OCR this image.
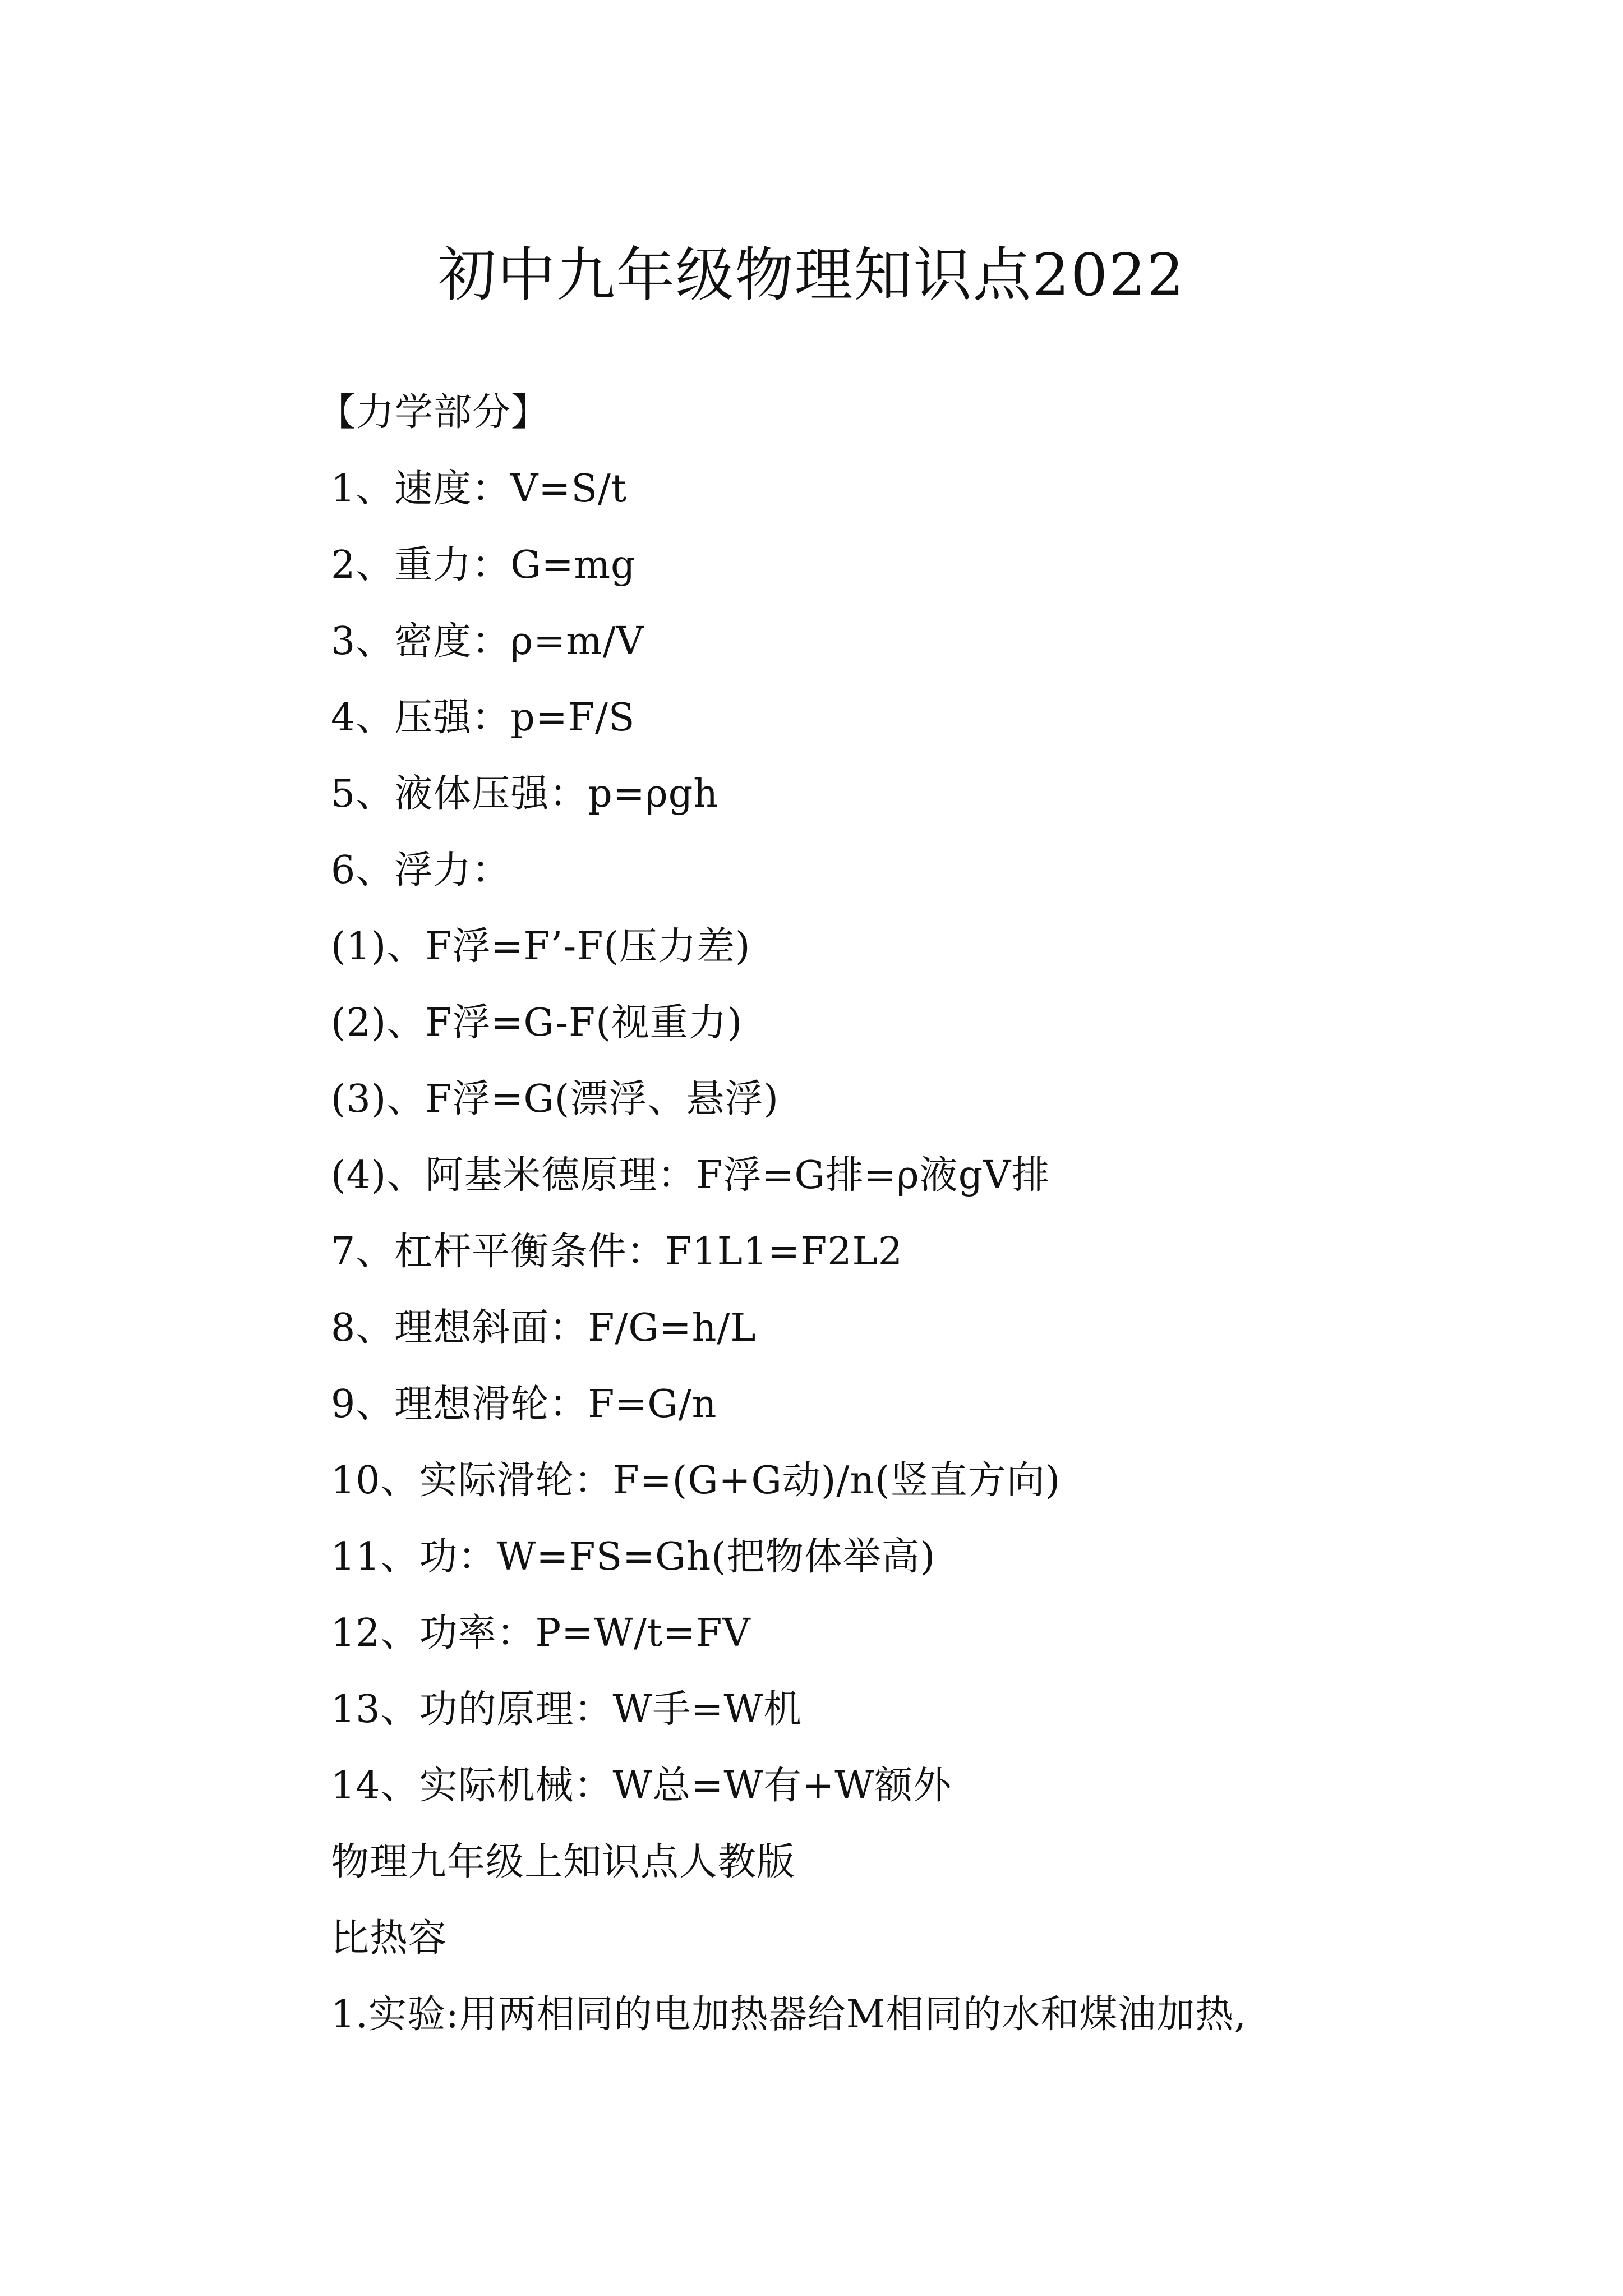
初中九年级物理知识点2022
【力学部分】
1、速度：V=S/t
2、重力：G=mg
3、密度：ρ=m/V
4、压强：p=F/S
5、液体压强：p=ρgh
6、浮力：
(1)、F浮=F’-F(压力差)
(2)、F浮=G-F(视重力)
(3)、F浮=G(漂浮、悬浮)
(4)、阿基米德原理：F浮=G排=ρ液gV排
7、杠杆平衡条件：F1L1=F2L2
8、理想斜面：F/G=h/L
9、理想滑轮：F=G/n
10、实际滑轮：F=(G+G动)/n(竖直方向)
11、功：W=FS=Gh(把物体举高)
12、功率：P=W/t=FV
13、功的原理：W手=W机
14、实际机械：W总=W有+W额外
物理九年级上知识点人教版
比热容
1.实验:用两相同的电加热器给M相同的水和煤油加热,
